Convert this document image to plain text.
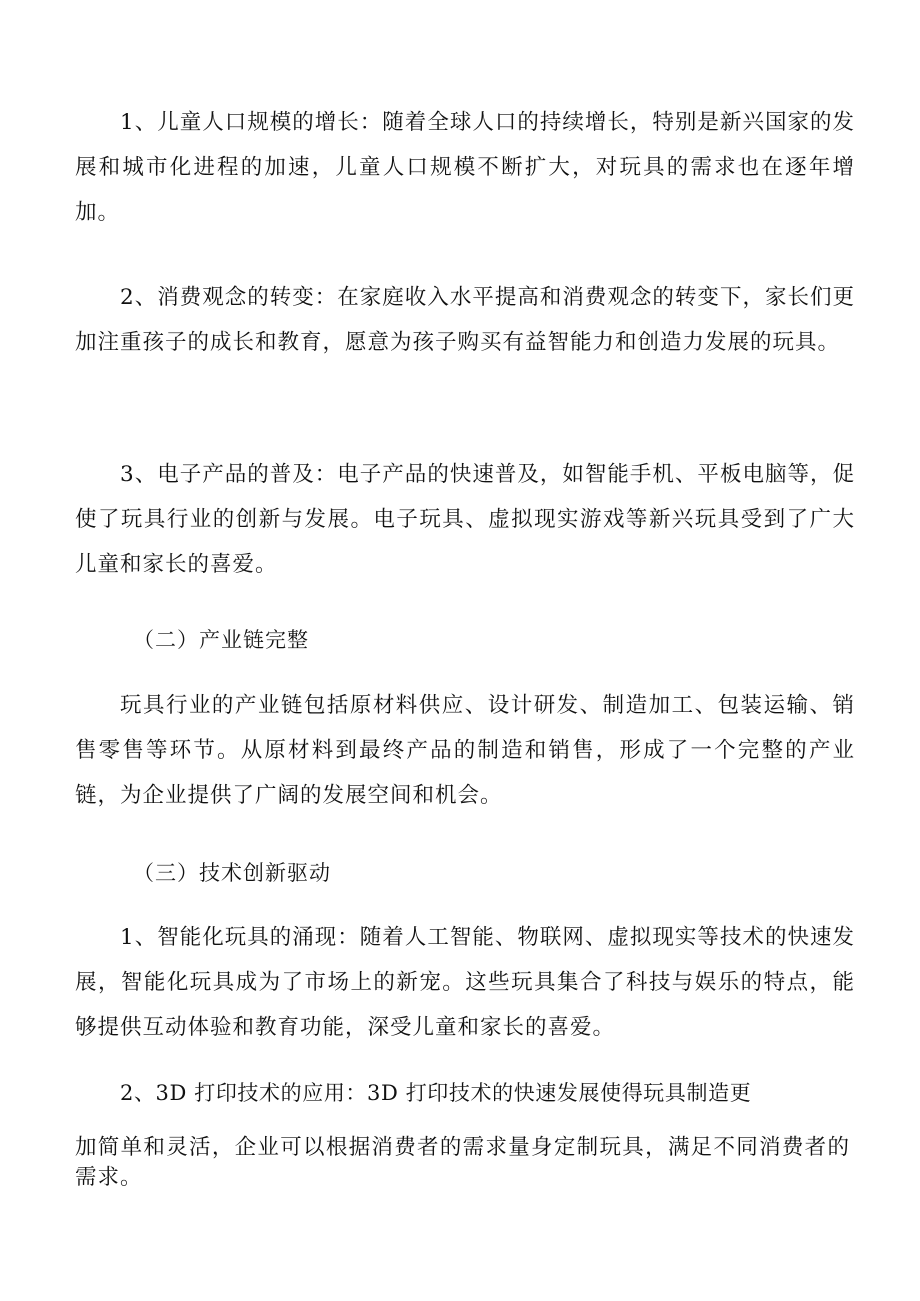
1、儿童人口规模的增长：随着全球人口的持续增长，特别是新兴国家的发展和城市化进程的加速，儿童人口规模不断扩大，对玩具的需求也在逐年增加。

2、消费观念的转变：在家庭收入水平提高和消费观念的转变下，家长们更加注重孩子的成长和教育，愿意为孩子购买有益智能力和创造力发展的玩具。

3、电子产品的普及：电子产品的快速普及，如智能手机、平板电脑等，促使了玩具行业的创新与发展。电子玩具、虚拟现实游戏等新兴玩具受到了广大儿童和家长的喜爱。

（二）产业链完整

玩具行业的产业链包括原材料供应、设计研发、制造加工、包装运输、销售零售等环节。从原材料到最终产品的制造和销售，形成了一个完整的产业链，为企业提供了广阔的发展空间和机会。

（三）技术创新驱动

1、智能化玩具的涌现：随着人工智能、物联网、虚拟现实等技术的快速发展，智能化玩具成为了市场上的新宠。这些玩具集合了科技与娱乐的特点，能够提供互动体验和教育功能，深受儿童和家长的喜爱。

2、3D 打印技术的应用：3D 打印技术的快速发展使得玩具制造更

加简单和灵活，企业可以根据消费者的需求量身定制玩具，满足不同消费者的需求。
